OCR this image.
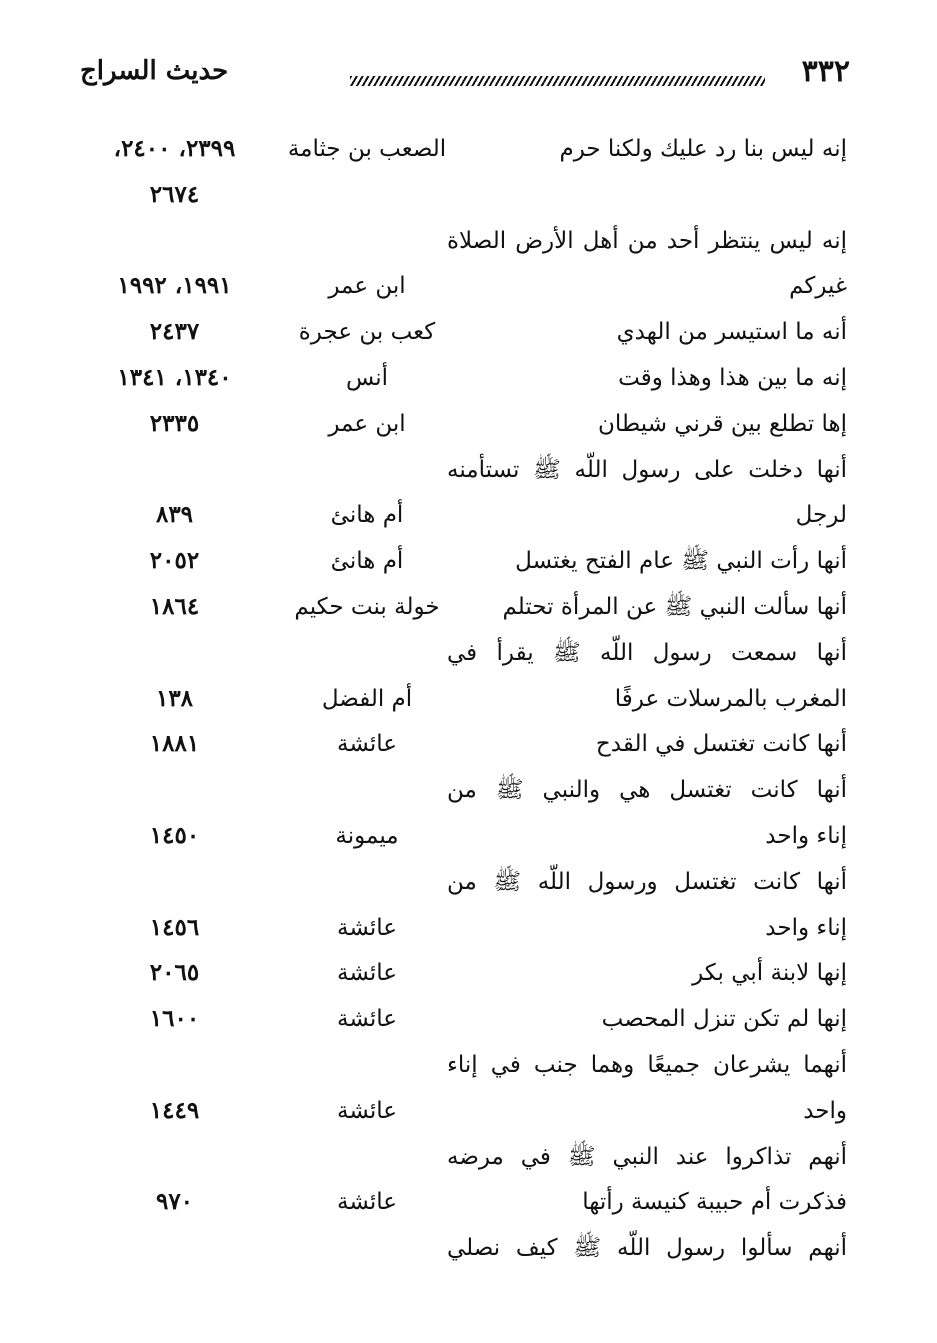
٣٣٢
حديث السراج
إنه ليس بنا رد عليك ولكنا حرم
الصعب بن جثامة
٢٣٩٩، ٢٤٠٠،
٢٦٧٤
إنه ليس ينتظر أحد من أهل الأرض الصلاة
غيركم
ابن عمر
١٩٩١، ١٩٩٢
أنه ما استيسر من الهدي
كعب بن عجرة
٢٤٣٧
إنه ما بين هذا وهذا وقت
أنس
١٣٤٠، ١٣٤١
إها تطلع بين قرني شيطان
ابن عمر
٢٣٣٥
أنها دخلت على رسول اللّه ﷺ تستأمنه
لرجل
أم هانئ
٨٣٩
أنها رأت النبي ﷺ عام الفتح يغتسل
أم هانئ
٢٠٥٢
أنها سألت النبي ﷺ عن المرأة تحتلم
خولة بنت حكيم
١٨٦٤
أنها سمعت رسول اللّه ﷺ يقرأ في
المغرب بالمرسلات عرفًا
أم الفضل
١٣٨
أنها كانت تغتسل في القدح
عائشة
١٨٨١
أنها كانت تغتسل هي والنبي ﷺ من
إناء واحد
ميمونة
١٤٥٠
أنها كانت تغتسل ورسول اللّه ﷺ من
إناء واحد
عائشة
١٤٥٦
إنها لابنة أبي بكر
عائشة
٢٠٦٥
إنها لم تكن تنزل المحصب
عائشة
١٦٠٠
أنهما يشرعان جميعًا وهما جنب في إناء
واحد
عائشة
١٤٤٩
أنهم تذاكروا عند النبي ﷺ في مرضه
فذكرت أم حبيبة كنيسة رأتها
عائشة
٩٧٠
أنهم سألوا رسول اللّه ﷺ كيف نصلي
